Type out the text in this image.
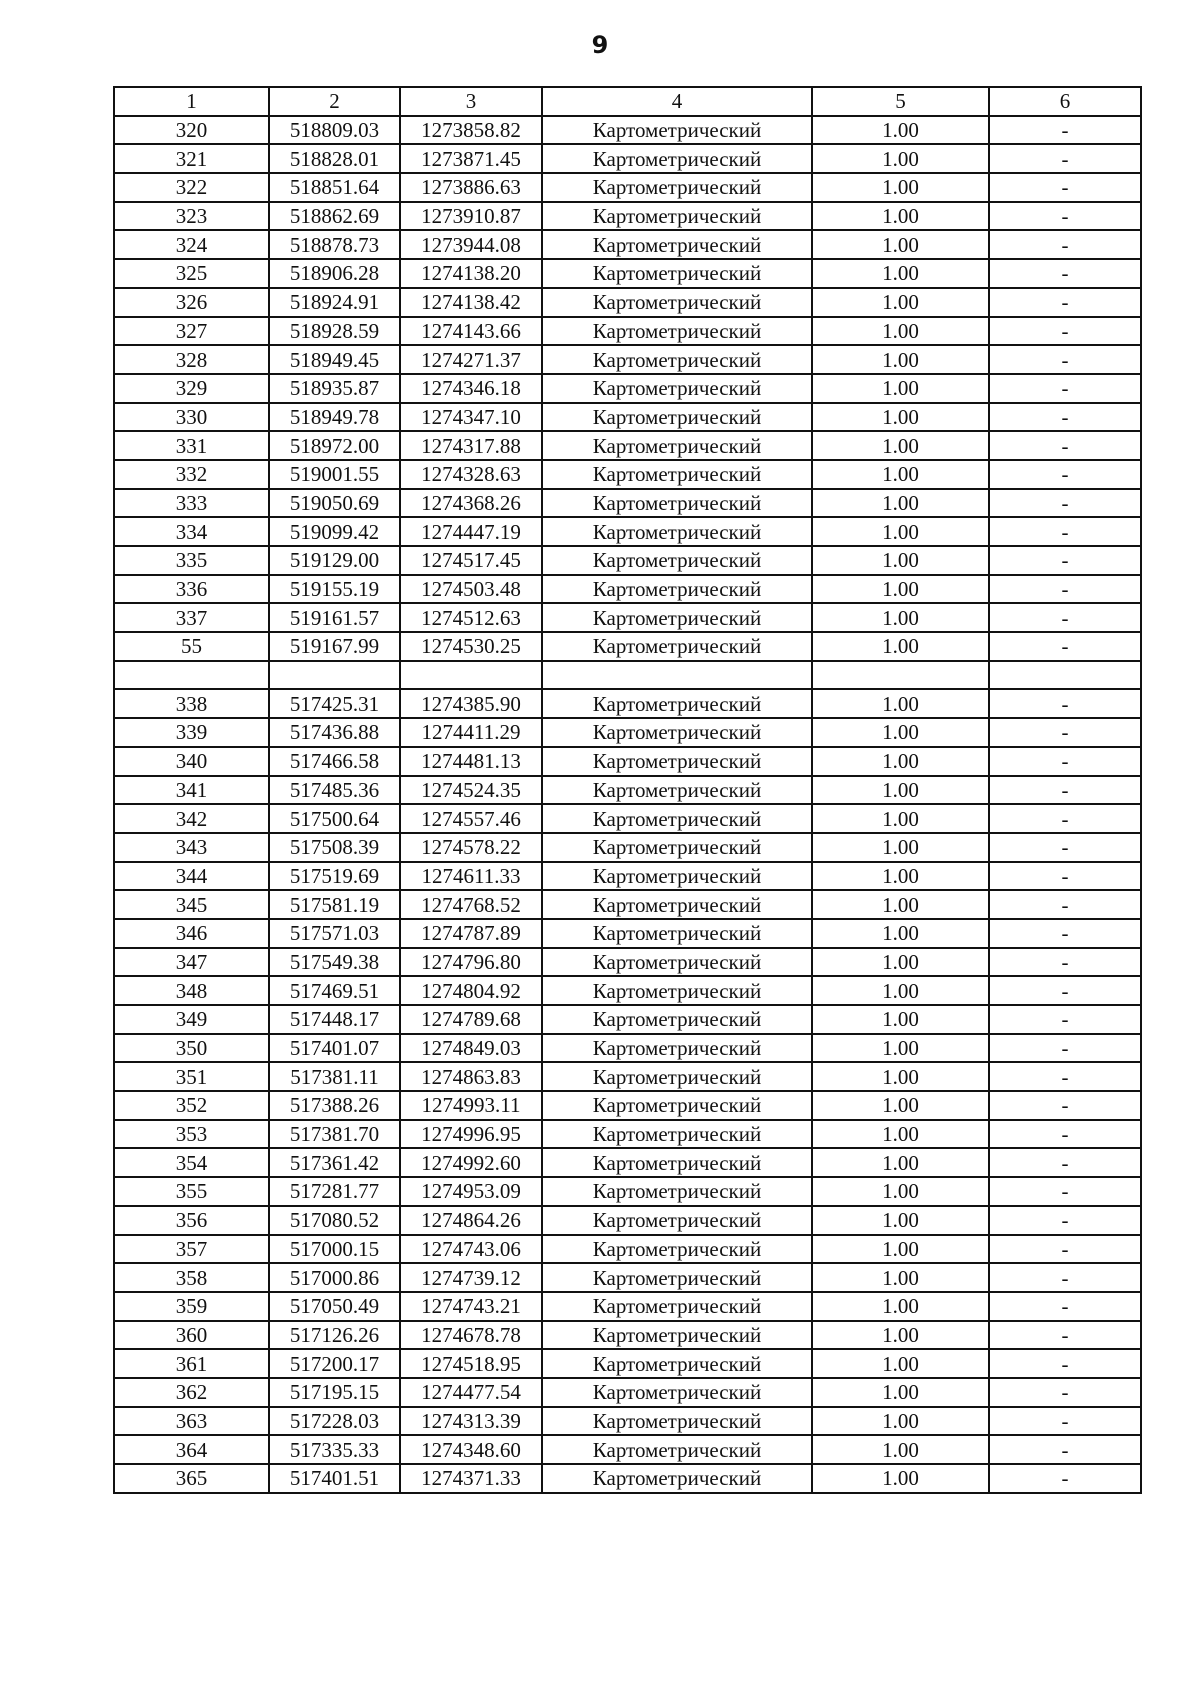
9
1	2	3	4	5	6
320	518809.03	1273858.82	Картометрический	1.00	-
321	518828.01	1273871.45	Картометрический	1.00	-
322	518851.64	1273886.63	Картометрический	1.00	-
323	518862.69	1273910.87	Картометрический	1.00	-
324	518878.73	1273944.08	Картометрический	1.00	-
325	518906.28	1274138.20	Картометрический	1.00	-
326	518924.91	1274138.42	Картометрический	1.00	-
327	518928.59	1274143.66	Картометрический	1.00	-
328	518949.45	1274271.37	Картометрический	1.00	-
329	518935.87	1274346.18	Картометрический	1.00	-
330	518949.78	1274347.10	Картометрический	1.00	-
331	518972.00	1274317.88	Картометрический	1.00	-
332	519001.55	1274328.63	Картометрический	1.00	-
333	519050.69	1274368.26	Картометрический	1.00	-
334	519099.42	1274447.19	Картометрический	1.00	-
335	519129.00	1274517.45	Картометрический	1.00	-
336	519155.19	1274503.48	Картометрический	1.00	-
337	519161.57	1274512.63	Картометрический	1.00	-
55	519167.99	1274530.25	Картометрический	1.00	-

338	517425.31	1274385.90	Картометрический	1.00	-
339	517436.88	1274411.29	Картометрический	1.00	-
340	517466.58	1274481.13	Картометрический	1.00	-
341	517485.36	1274524.35	Картометрический	1.00	-
342	517500.64	1274557.46	Картометрический	1.00	-
343	517508.39	1274578.22	Картометрический	1.00	-
344	517519.69	1274611.33	Картометрический	1.00	-
345	517581.19	1274768.52	Картометрический	1.00	-
346	517571.03	1274787.89	Картометрический	1.00	-
347	517549.38	1274796.80	Картометрический	1.00	-
348	517469.51	1274804.92	Картометрический	1.00	-
349	517448.17	1274789.68	Картометрический	1.00	-
350	517401.07	1274849.03	Картометрический	1.00	-
351	517381.11	1274863.83	Картометрический	1.00	-
352	517388.26	1274993.11	Картометрический	1.00	-
353	517381.70	1274996.95	Картометрический	1.00	-
354	517361.42	1274992.60	Картометрический	1.00	-
355	517281.77	1274953.09	Картометрический	1.00	-
356	517080.52	1274864.26	Картометрический	1.00	-
357	517000.15	1274743.06	Картометрический	1.00	-
358	517000.86	1274739.12	Картометрический	1.00	-
359	517050.49	1274743.21	Картометрический	1.00	-
360	517126.26	1274678.78	Картометрический	1.00	-
361	517200.17	1274518.95	Картометрический	1.00	-
362	517195.15	1274477.54	Картометрический	1.00	-
363	517228.03	1274313.39	Картометрический	1.00	-
364	517335.33	1274348.60	Картометрический	1.00	-
365	517401.51	1274371.33	Картометрический	1.00	-
